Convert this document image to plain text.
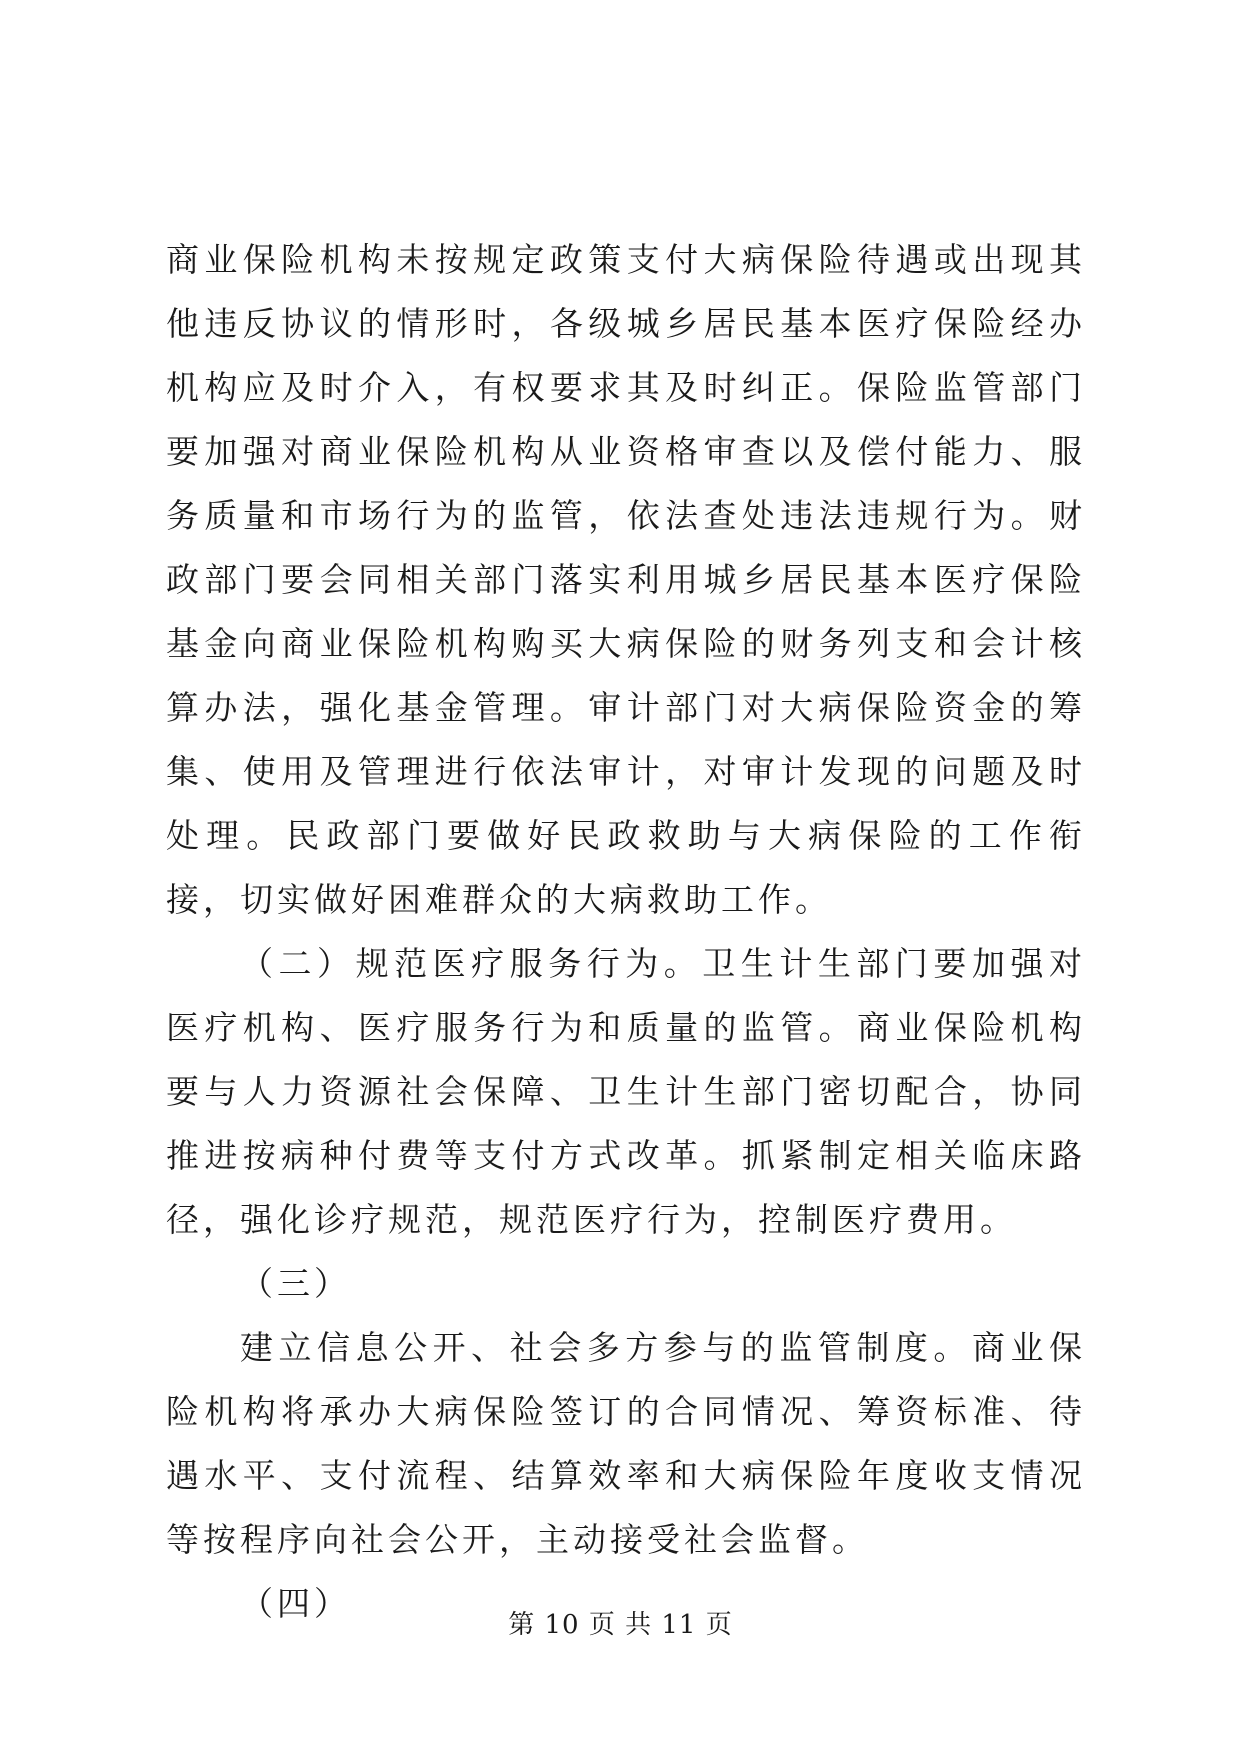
商业保险机构未按规定政策支付大病保险待遇或出现其他违反协议的情形时，各级城乡居民基本医疗保险经办机构应及时介入，有权要求其及时纠正。保险监管部门要加强对商业保险机构从业资格审查以及偿付能力、服务质量和市场行为的监管，依法查处违法违规行为。财政部门要会同相关部门落实利用城乡居民基本医疗保险基金向商业保险机构购买大病保险的财务列支和会计核算办法，强化基金管理。审计部门对大病保险资金的筹集、使用及管理进行依法审计，对审计发现的问题及时处理。民政部门要做好民政救助与大病保险的工作衔接，切实做好困难群众的大病救助工作。

（二）规范医疗服务行为。卫生计生部门要加强对医疗机构、医疗服务行为和质量的监管。商业保险机构要与人力资源社会保障、卫生计生部门密切配合，协同推进按病种付费等支付方式改革。抓紧制定相关临床路径，强化诊疗规范，规范医疗行为，控制医疗费用。

（三）

建立信息公开、社会多方参与的监管制度。商业保险机构将承办大病保险签订的合同情况、筹资标准、待遇水平、支付流程、结算效率和大病保险年度收支情况等按程序向社会公开，主动接受社会监督。

（四）

第 10 页 共 11 页
